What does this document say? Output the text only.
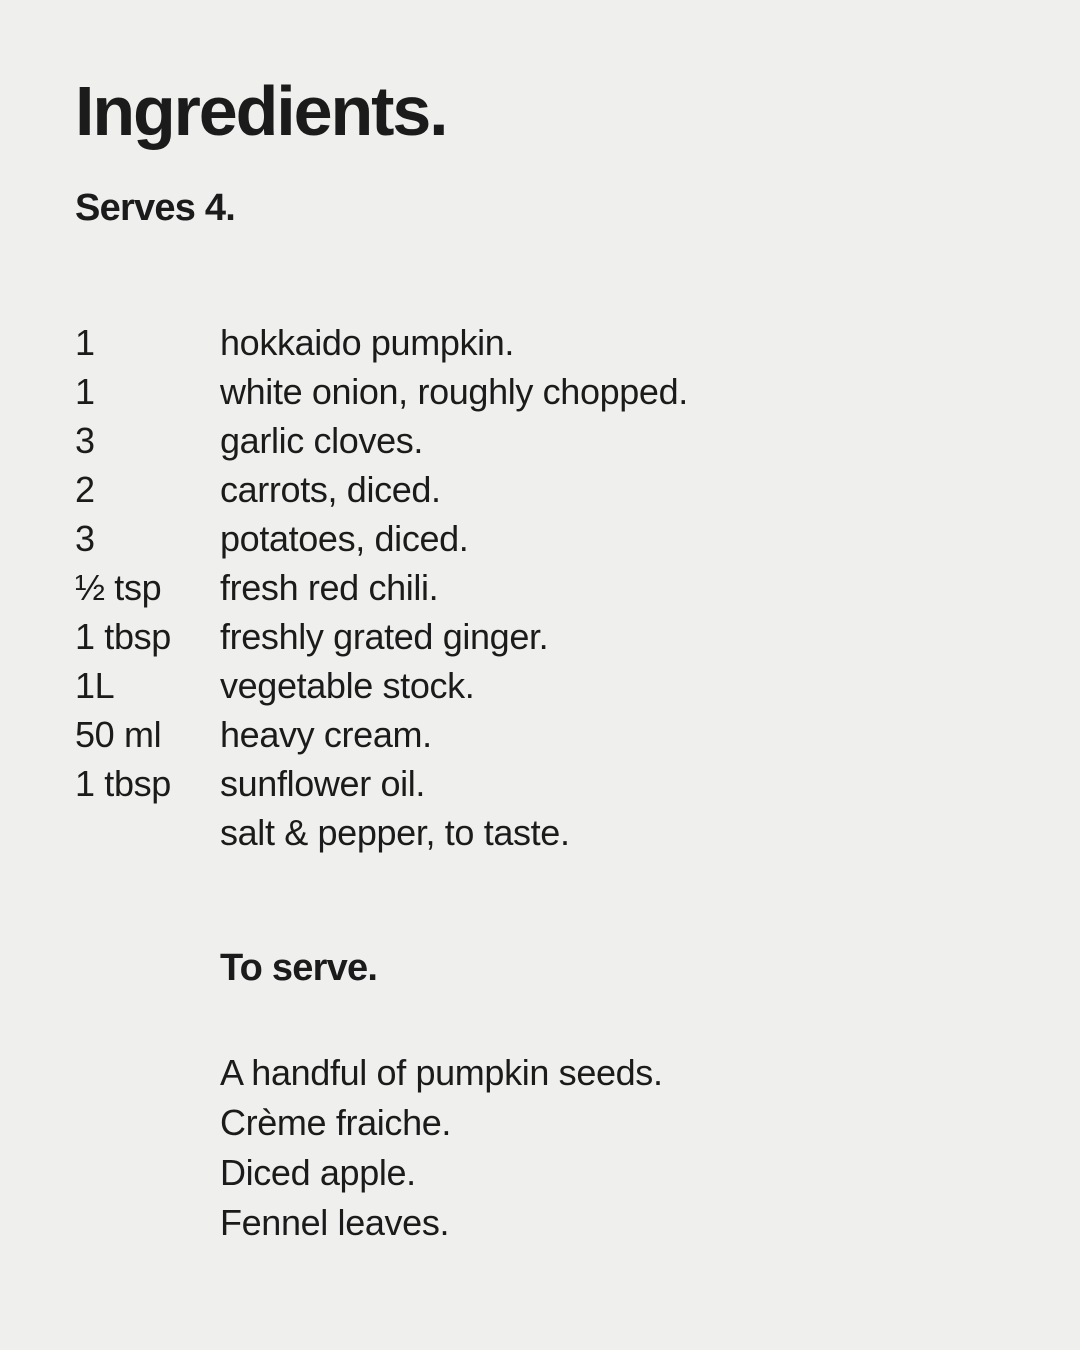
Ingredients.
Serves 4.
1	hokkaido pumpkin.
1	white onion, roughly chopped.
3	garlic cloves.
2	carrots, diced.
3	potatoes, diced.
½ tsp	fresh red chili.
1 tbsp	freshly grated ginger.
1L	vegetable stock.
50 ml	heavy cream.
1 tbsp	sunflower oil.
salt & pepper, to taste.
To serve.
A handful of pumpkin seeds.
Crème fraiche.
Diced apple.
Fennel leaves.
